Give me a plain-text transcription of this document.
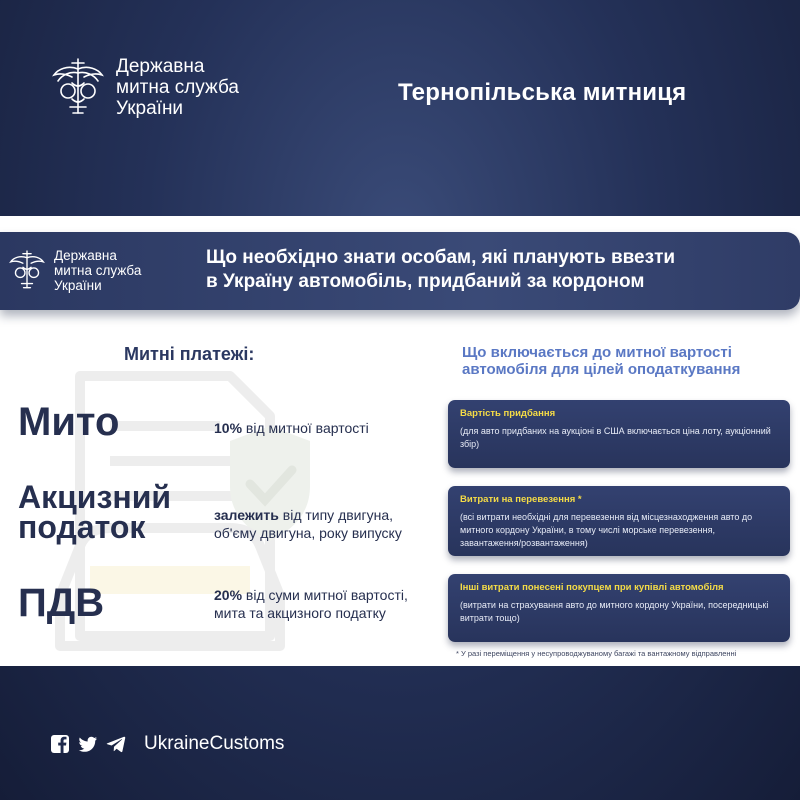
Державна
митна служба
України
Тернопільська митниця
Державна
митна служба
України
Що необхідно знати особам, які планують ввезти
в Україну автомобіль, придбаний за кордоном
Митні платежі:	Що включається до митної вартості
автомобіля для цілей оподаткування
Мито	10% від митної вартості
Акцизний
податок	залежить від типу двигуна,
об'єму двигуна, року випуску
ПДВ	20% від суми митної вартості,
мита та акцизного податку
Вартість придбання
(для авто придбаних на аукціоні в США включається ціна лоту, аукціонний збір)
Витрати на перевезення *
(всі витрати необхідні для перевезення від місцезнаходження авто до митного кордону України, в тому числі морське перевезення, завантаження/розвантаження)
Інші витрати понесені покупцем при купівлі автомобіля
(витрати на страхування авто до митного кордону України, посередницькі витрати тощо)
* У разі переміщення у несупроводжуваному багажі та вантажному відправленні
UkraineCustoms
